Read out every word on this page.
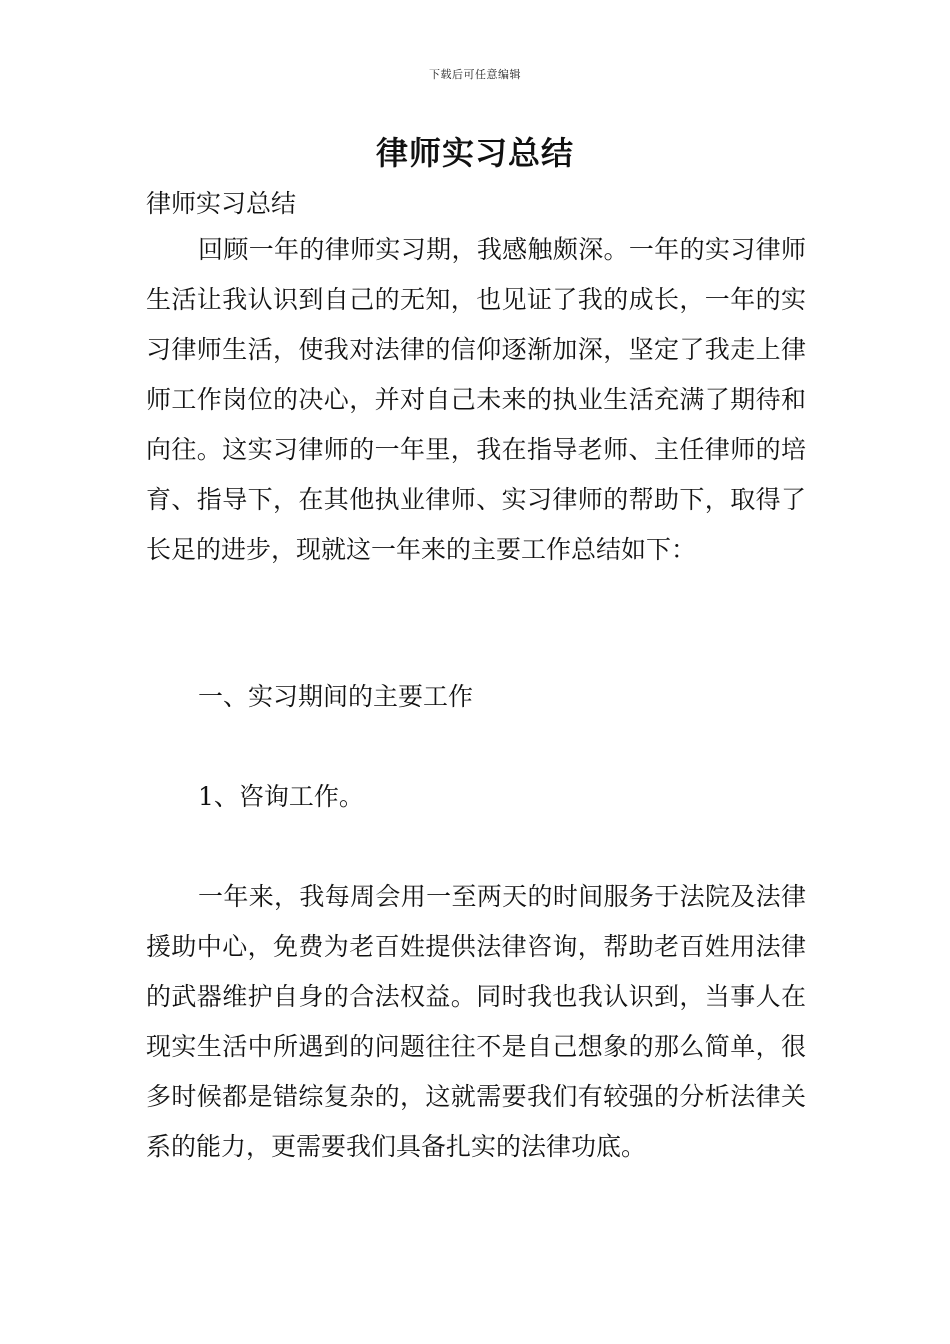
下载后可任意编辑
律师实习总结

律师实习总结

回顾一年的律师实习期，我感触颇深。一年的实习律师生活让我认识到自己的无知，也见证了我的成长，一年的实习律师生活，使我对法律的信仰逐渐加深，坚定了我走上律师工作岗位的决心，并对自己未来的执业生活充满了期待和向往。这实习律师的一年里，我在指导老师、主任律师的培育、指导下，在其他执业律师、实习律师的帮助下，取得了长足的进步，现就这一年来的主要工作总结如下：

一、实习期间的主要工作

1、咨询工作。

一年来，我每周会用一至两天的时间服务于法院及法律援助中心，免费为老百姓提供法律咨询，帮助老百姓用法律的武器维护自身的合法权益。同时我也我认识到，当事人在现实生活中所遇到的问题往往不是自己想象的那么简单，很多时候都是错综复杂的，这就需要我们有较强的分析法律关系的能力，更需要我们具备扎实的法律功底。
